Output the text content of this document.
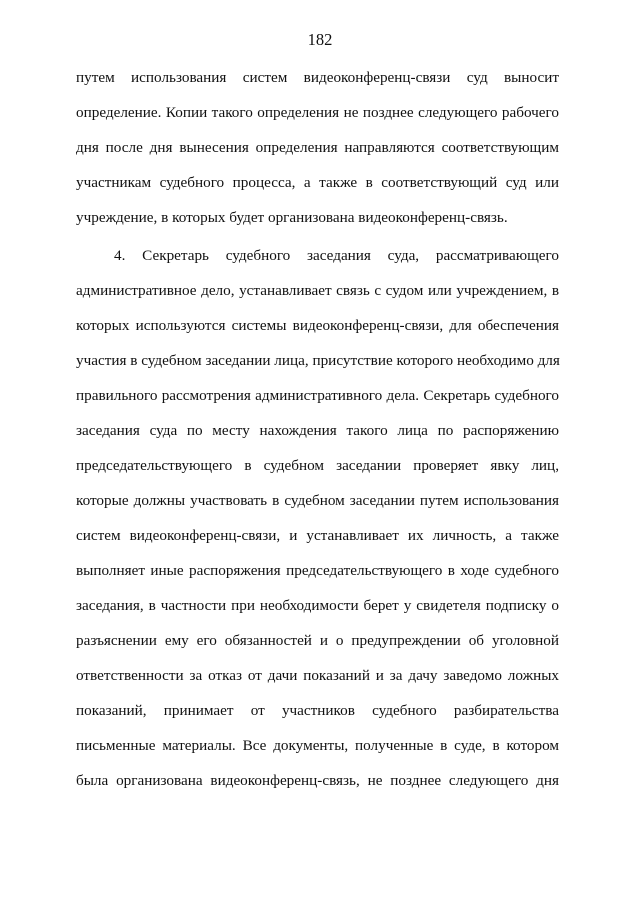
182
путем использования систем видеоконференц-связи суд выносит
определение. Копии такого определения не позднее следующего рабочего
дня после дня вынесения определения направляются соответствующим
участникам судебного процесса, а также в соответствующий суд или
учреждение, в которых будет организована видеоконференц-связь.
4. Секретарь судебного заседания суда, рассматривающего
административное дело, устанавливает связь с судом или учреждением, в
которых используются системы видеоконференц-связи, для обеспечения
участия в судебном заседании лица, присутствие которого необходимо для
правильного рассмотрения административного дела. Секретарь судебного
заседания суда по месту нахождения такого лица по распоряжению
председательствующего в судебном заседании проверяет явку лиц,
которые должны участвовать в судебном заседании путем использования
систем видеоконференц-связи, и устанавливает их личность, а также
выполняет иные распоряжения председательствующего в ходе судебного
заседания, в частности при необходимости берет у свидетеля подписку о
разъяснении ему его обязанностей и о предупреждении об уголовной
ответственности за отказ от дачи показаний и за дачу заведомо ложных
показаний, принимает от участников судебного разбирательства
письменные материалы. Все документы, полученные в суде, в котором
была организована видеоконференц-связь, не позднее следующего дня
